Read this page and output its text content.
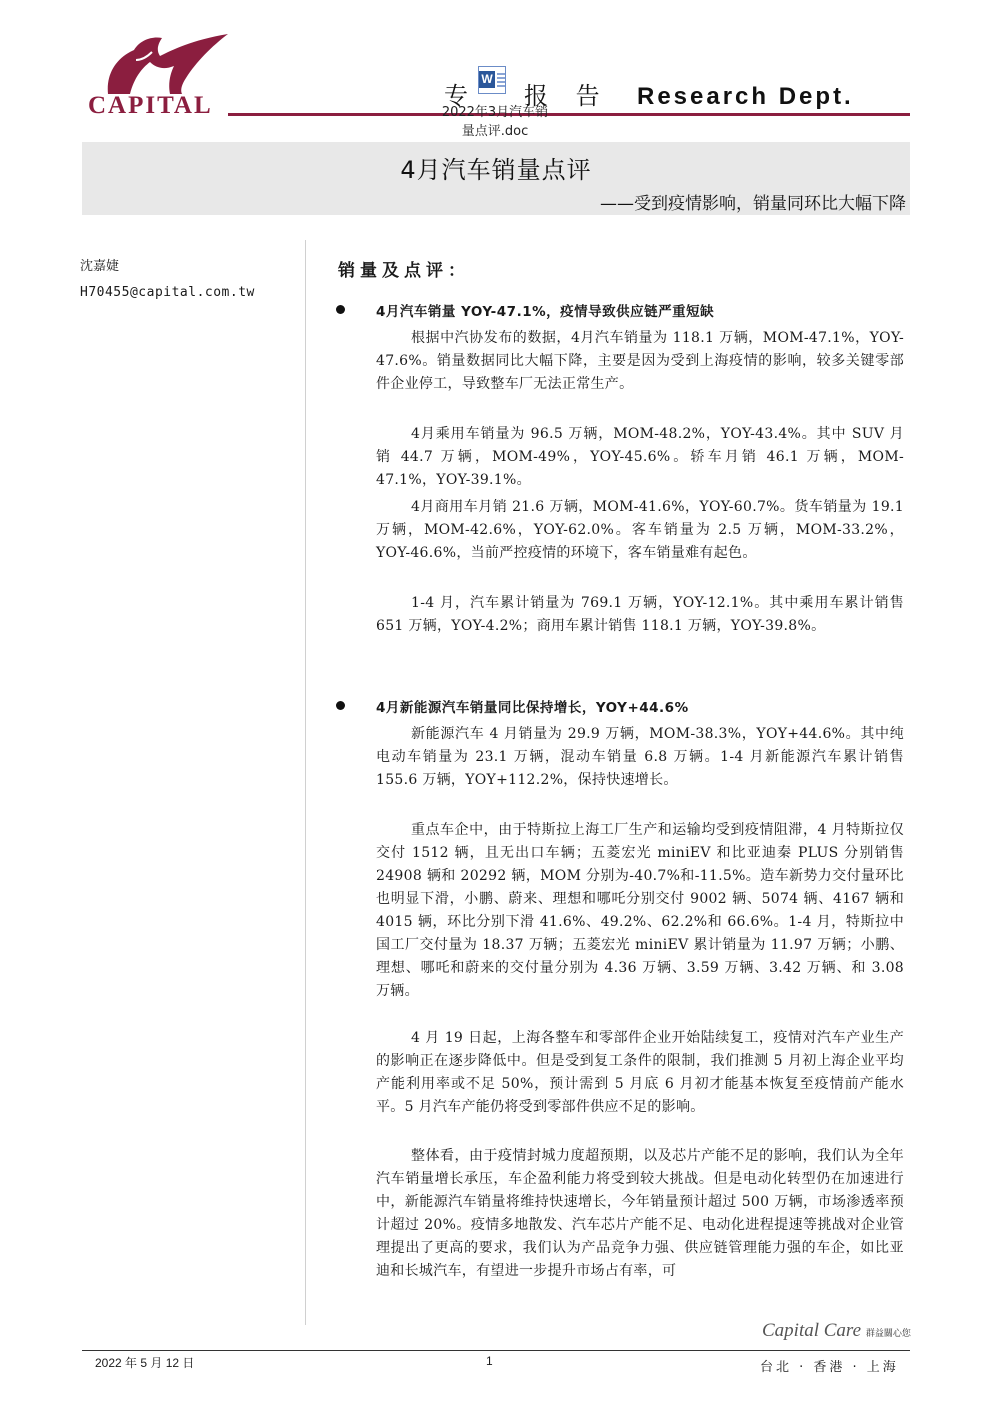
CAPITAL	专 报 告 Research Dept.
W
2022年3月汽车销
量点评.doc
4月汽车销量点评
——受到疫情影响，销量同环比大幅下降
沈嘉婕
H70455@capital.com.tw
销量及点评：
4月汽车销量 YOY-47.1%，疫情导致供应链严重短缺

根据中汽协发布的数据，4月汽车销量为 118.1 万辆，MOM-47.1%，YOY-47.6%。销量数据同比大幅下降，主要是因为受到上海疫情的影响，较多关键零部件企业停工，导致整车厂无法正常生产。

4月乘用车销量为 96.5 万辆，MOM-48.2%，YOY-43.4%。其中 SUV 月销 44.7 万辆，MOM-49%，YOY-45.6%。轿车月销 46.1 万辆，MOM-47.1%，YOY-39.1%。

4月商用车月销 21.6 万辆，MOM-41.6%，YOY-60.7%。货车销量为 19.1 万辆，MOM-42.6%，YOY-62.0%。客车销量为 2.5 万辆，MOM-33.2%，YOY-46.6%，当前严控疫情的环境下，客车销量难有起色。

1-4 月，汽车累计销量为 769.1 万辆，YOY-12.1%。其中乘用车累计销售 651 万辆，YOY-4.2%；商用车累计销售 118.1 万辆，YOY-39.8%。

4月新能源汽车销量同比保持增长，YOY+44.6%

新能源汽车 4 月销量为 29.9 万辆，MOM-38.3%，YOY+44.6%。其中纯电动车销量为 23.1 万辆，混动车销量 6.8 万辆。1-4 月新能源汽车累计销售 155.6 万辆，YOY+112.2%，保持快速增长。

重点车企中，由于特斯拉上海工厂生产和运输均受到疫情阻滞，4 月特斯拉仅交付 1512 辆，且无出口车辆；五菱宏光 miniEV 和比亚迪秦 PLUS 分别销售 24908 辆和 20292 辆，MOM 分别为-40.7%和-11.5%。造车新势力交付量环比也明显下滑，小鹏、蔚来、理想和哪吒分别交付 9002 辆、5074 辆、4167 辆和 4015 辆，环比分别下滑 41.6%、49.2%、62.2%和 66.6%。1-4 月，特斯拉中国工厂交付量为 18.37 万辆；五菱宏光 miniEV 累计销量为 11.97 万辆；小鹏、理想、哪吒和蔚来的交付量分别为 4.36 万辆、3.59 万辆、3.42 万辆、和 3.08 万辆。

4 月 19 日起，上海各整车和零部件企业开始陆续复工，疫情对汽车产业生产的影响正在逐步降低中。但是受到复工条件的限制，我们推测 5 月初上海企业平均产能利用率或不足 50%，预计需到 5 月底 6 月初才能基本恢复至疫情前产能水平。5 月汽车产能仍将受到零部件供应不足的影响。

整体看，由于疫情封城力度超预期，以及芯片产能不足的影响，我们认为全年汽车销量增长承压，车企盈利能力将受到较大挑战。但是电动化转型仍在加速进行中，新能源汽车销量将维持快速增长，今年销量预计超过 500 万辆，市场渗透率预计超过 20%。疫情多地散发、汽车芯片产能不足、电动化进程提速等挑战对企业管理提出了更高的要求，我们认为产品竞争力强、供应链管理能力强的车企，如比亚迪和长城汽车，有望进一步提升市场占有率，可

Capital Care 群益關心您
2022 年 5 月 12 日	1	台北 · 香港 · 上海
